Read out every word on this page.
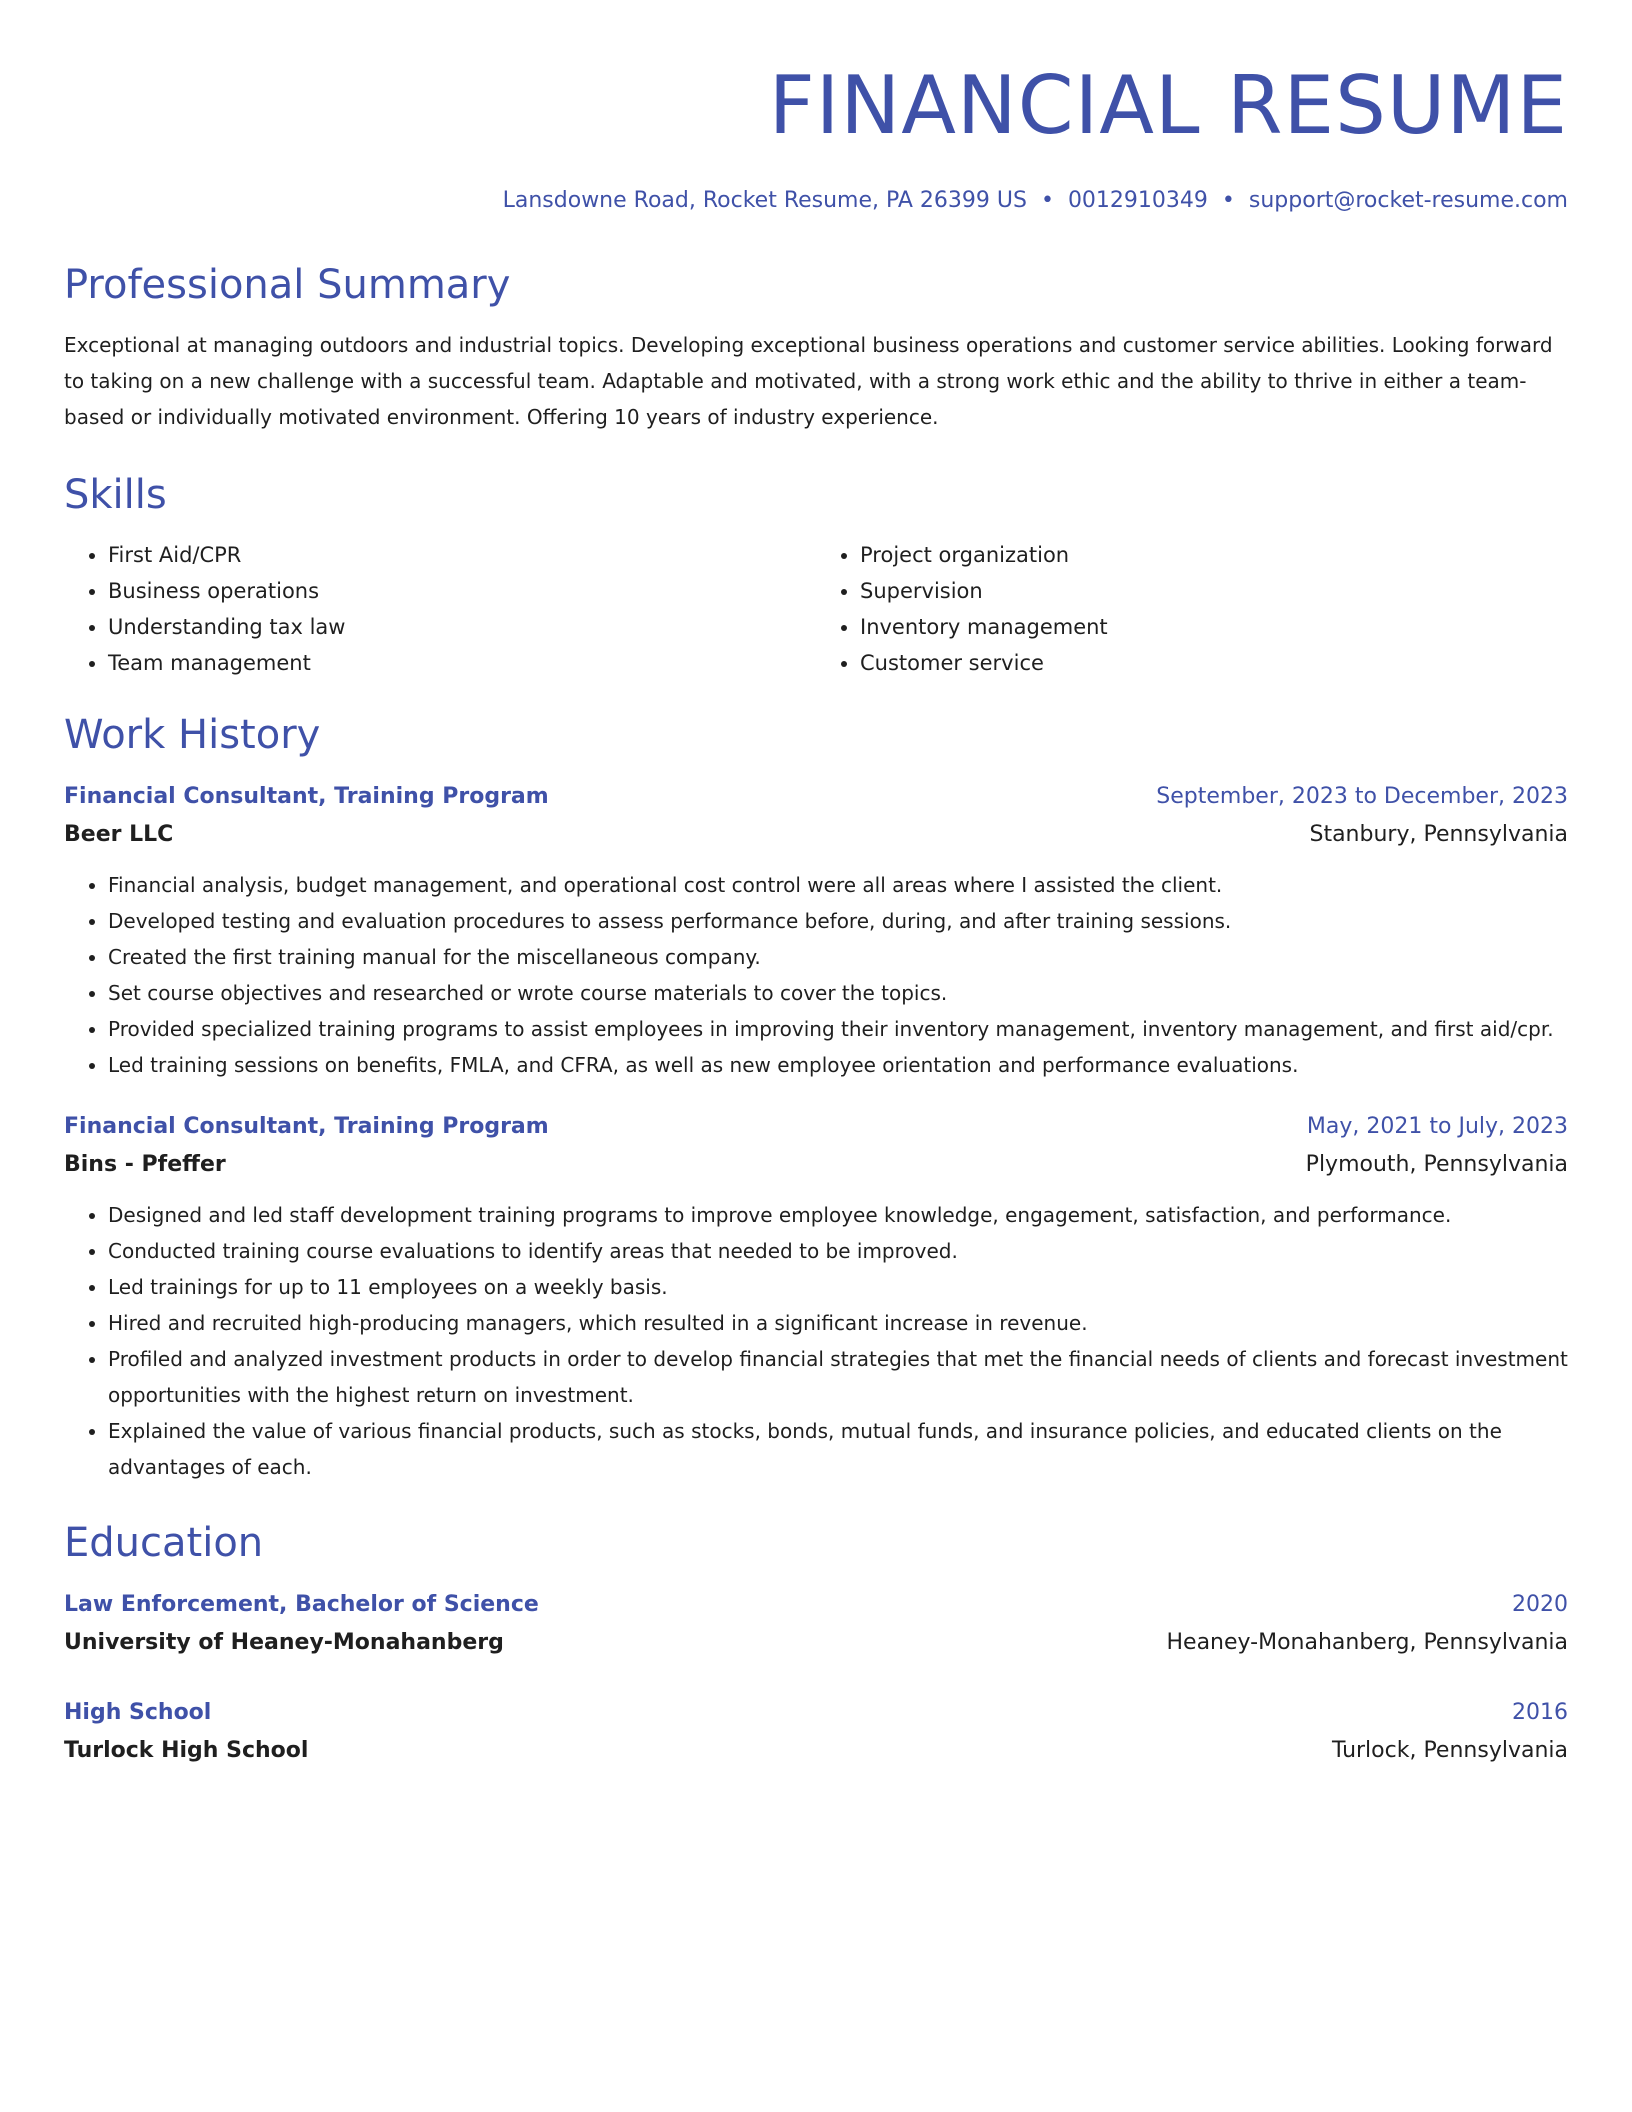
FINANCIAL RESUME
Lansdowne Road, Rocket Resume, PA 26399 US • 0012910349 • support@rocket-resume.com
Professional Summary
Exceptional at managing outdoors and industrial topics. Developing exceptional business operations and customer service abilities. Looking forward to taking on a new challenge with a successful team. Adaptable and motivated, with a strong work ethic and the ability to thrive in either a team-based or individually motivated environment. Offering 10 years of industry experience.
Skills
• First Aid/CPR
• Business operations
• Understanding tax law
• Team management
• Project organization
• Supervision
• Inventory management
• Customer service
Work History
Financial Consultant, Training Program	September, 2023 to December, 2023
Beer LLC	Stanbury, Pennsylvania
• Financial analysis, budget management, and operational cost control were all areas where I assisted the client.
• Developed testing and evaluation procedures to assess performance before, during, and after training sessions.
• Created the first training manual for the miscellaneous company.
• Set course objectives and researched or wrote course materials to cover the topics.
• Provided specialized training programs to assist employees in improving their inventory management, inventory management, and first aid/cpr.
• Led training sessions on benefits, FMLA, and CFRA, as well as new employee orientation and performance evaluations.
Financial Consultant, Training Program	May, 2021 to July, 2023
Bins - Pfeffer	Plymouth, Pennsylvania
• Designed and led staff development training programs to improve employee knowledge, engagement, satisfaction, and performance.
• Conducted training course evaluations to identify areas that needed to be improved.
• Led trainings for up to 11 employees on a weekly basis.
• Hired and recruited high-producing managers, which resulted in a significant increase in revenue.
• Profiled and analyzed investment products in order to develop financial strategies that met the financial needs of clients and forecast investment opportunities with the highest return on investment.
• Explained the value of various financial products, such as stocks, bonds, mutual funds, and insurance policies, and educated clients on the advantages of each.
Education
Law Enforcement, Bachelor of Science	2020
University of Heaney-Monahanberg	Heaney-Monahanberg, Pennsylvania
High School	2016
Turlock High School	Turlock, Pennsylvania
